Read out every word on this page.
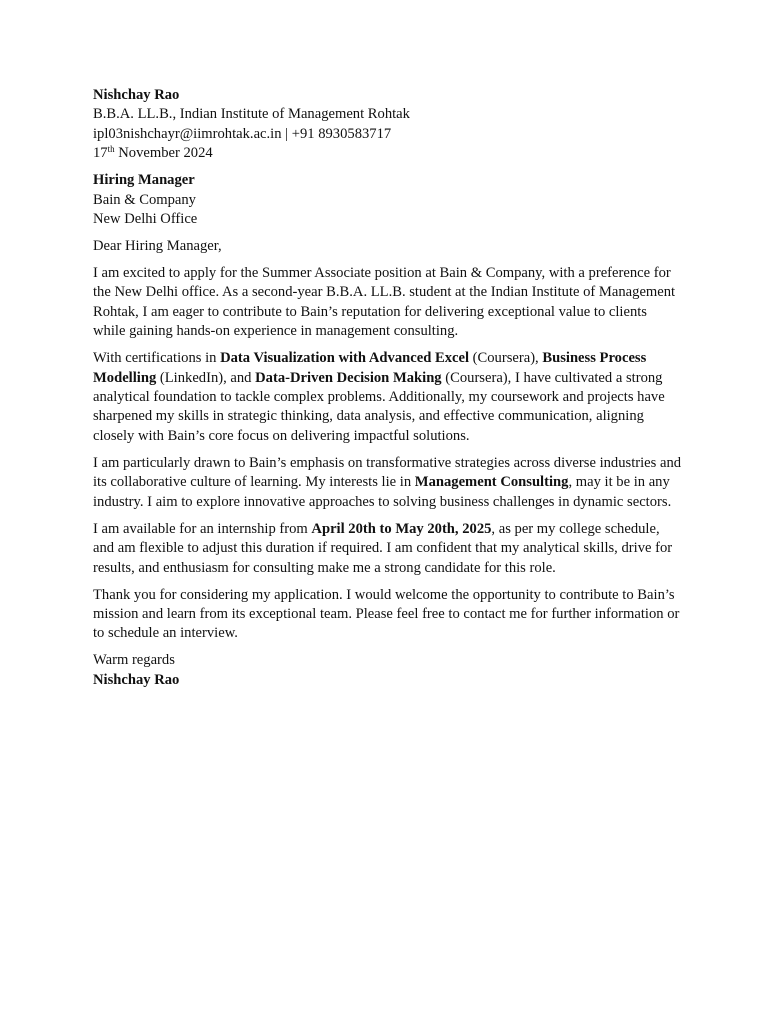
Nishchay Rao
B.B.A. LL.B., Indian Institute of Management Rohtak
ipl03nishchayr@iimrohtak.ac.in | +91 8930583717
17th November 2024
Hiring Manager
Bain & Company
New Delhi Office

Dear Hiring Manager,

I am excited to apply for the Summer Associate position at Bain & Company, with a preference for the New Delhi office. As a second-year B.B.A. LL.B. student at the Indian Institute of Management Rohtak, I am eager to contribute to Bain’s reputation for delivering exceptional value to clients while gaining hands-on experience in management consulting.

With certifications in Data Visualization with Advanced Excel (Coursera), Business Process Modelling (LinkedIn), and Data-Driven Decision Making (Coursera), I have cultivated a strong analytical foundation to tackle complex problems. Additionally, my coursework and projects have sharpened my skills in strategic thinking, data analysis, and effective communication, aligning closely with Bain’s core focus on delivering impactful solutions.

I am particularly drawn to Bain’s emphasis on transformative strategies across diverse industries and its collaborative culture of learning. My interests lie in Management Consulting, may it be in any industry. I aim to explore innovative approaches to solving business challenges in dynamic sectors.

I am available for an internship from April 20th to May 20th, 2025, as per my college schedule, and am flexible to adjust this duration if required. I am confident that my analytical skills, drive for results, and enthusiasm for consulting make me a strong candidate for this role.

Thank you for considering my application. I would welcome the opportunity to contribute to Bain’s mission and learn from its exceptional team. Please feel free to contact me for further information or to schedule an interview.

Warm regards
Nishchay Rao
